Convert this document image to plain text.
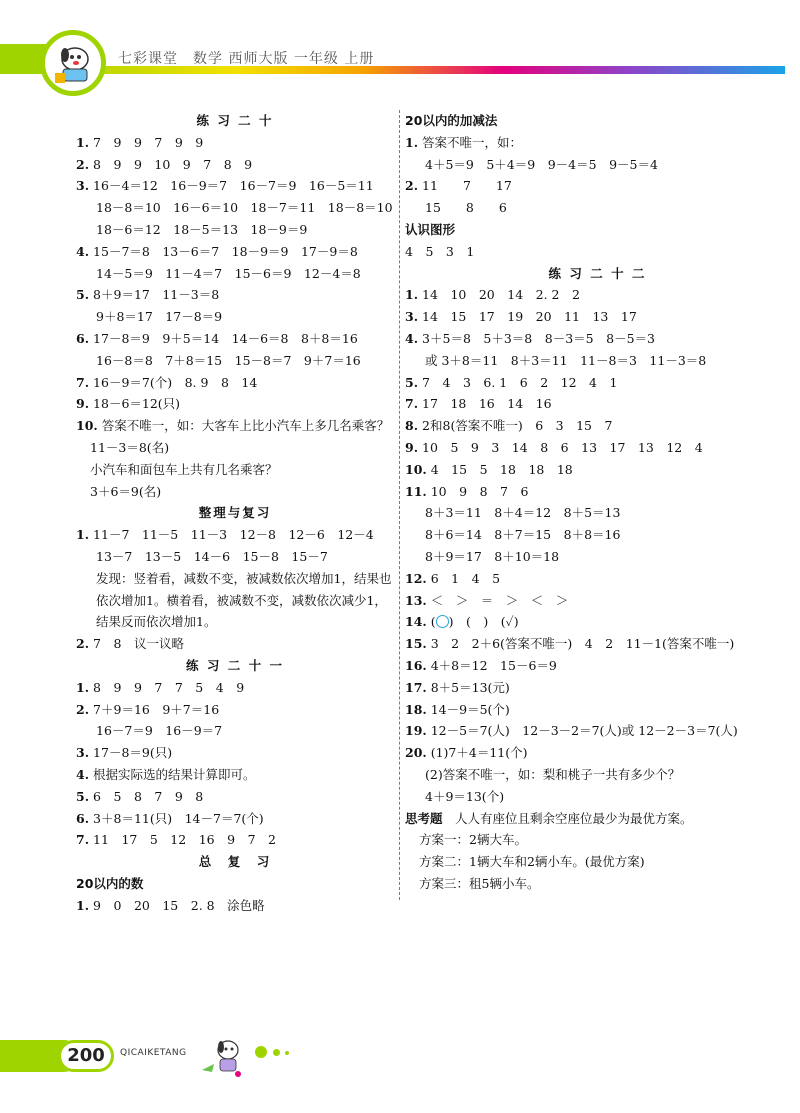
七彩课堂　数学 西师大版 一年级 上册
练 习 二 十
1. 7　9　9　7　9　9
2. 8　9　9　10　9　7　8　9
3. 16－4＝12　16－9＝7　16－7＝9　16－5＝11
18－8＝10　16－6＝10　18－7＝11　18－8＝10
18－6＝12　18－5＝13　18－9＝9
4. 15－7＝8　13－6＝7　18－9＝9　17－9＝8
14－5＝9　11－4＝7　15－6＝9　12－4＝8
5. 8＋9＝17　11－3＝8
9＋8＝17　17－8＝9
6. 17－8＝9　9＋5＝14　14－6＝8　8＋8＝16
16－8＝8　7＋8＝15　15－8＝7　9＋7＝16
7. 16－9＝7(个)　8. 9　8　14
9. 18－6＝12(只)
10. 答案不唯一，如：大客车上比小汽车上多几名乘客？
11－3＝8(名)
小汽车和面包车上共有几名乘客？
3＋6＝9(名)
整理与复习
1. 11－7　11－5　11－3　12－8　12－6　12－4
13－7　13－5　14－6　15－8　15－7
发现：竖着看，减数不变，被减数依次增加1，结果也
依次增加1。横着看，被减数不变，减数依次减少1，
结果反而依次增加1。
2. 7　8　议一议略
练 习 二 十 一
1. 8　9　9　7　7　5　4　9
2. 7＋9＝16　9＋7＝16
16－7＝9　16－9＝7
3. 17－8＝9(只)
4. 根据实际选的结果计算即可。
5. 6　5　8　7　9　8
6. 3＋8＝11(只)　14－7＝7(个)
7. 11　17　5　12　16　9　7　2
总　复　习
20以内的数
1. 9　0　20　15　2. 8　涂色略
20以内的加减法
1. 答案不唯一，如：
4＋5＝9　5＋4＝9　9－4＝5　9－5＝4
2. 11　　7　　17
15　　8　　6
认识图形
4　5　3　1
练 习 二 十 二
1. 14　10　20　14　2. 2　2
3. 14　15　17　19　20　11　13　17
4. 3＋5＝8　5＋3＝8　8－3＝5　8－5＝3
或 3＋8＝11　8＋3＝11　11－8＝3　11－3＝8
5. 7　4　3　6. 1　6　2　12　4　1
7. 17　18　16　14　16
8. 2和8(答案不唯一)　6　3　15　7
9. 10　5　9　3　14　8　6　13　17　13　12　4
10. 4　15　5　18　18　18
11. 10　9　8　7　6
8＋3＝11　8＋4＝12　8＋5＝13
8＋6＝14　8＋7＝15　8＋8＝16
8＋9＝17　8＋10＝18
12. 6　1　4　5
13. ＜　＞　＝　＞　＜　＞
14. ( )　(　 )　(✓)
15. 3　2　2＋6(答案不唯一)　4　2　11－1(答案不唯一)
16. 4＋8＝12　15－6＝9
17. 8＋5＝13(元)
18. 14－9＝5(个)
19. 12－5＝7(人)　12－3－2＝7(人)或 12－2－3＝7(人)
20. (1)7＋4＝11(个)
(2)答案不唯一，如：梨和桃子一共有多少个？
4＋9＝13(个)
思考题　人人有座位且剩余空座位最少为最优方案。
方案一：2辆大车。
方案二：1辆大车和2辆小车。(最优方案)
方案三：租5辆小车。
200	QICAIKETANG
